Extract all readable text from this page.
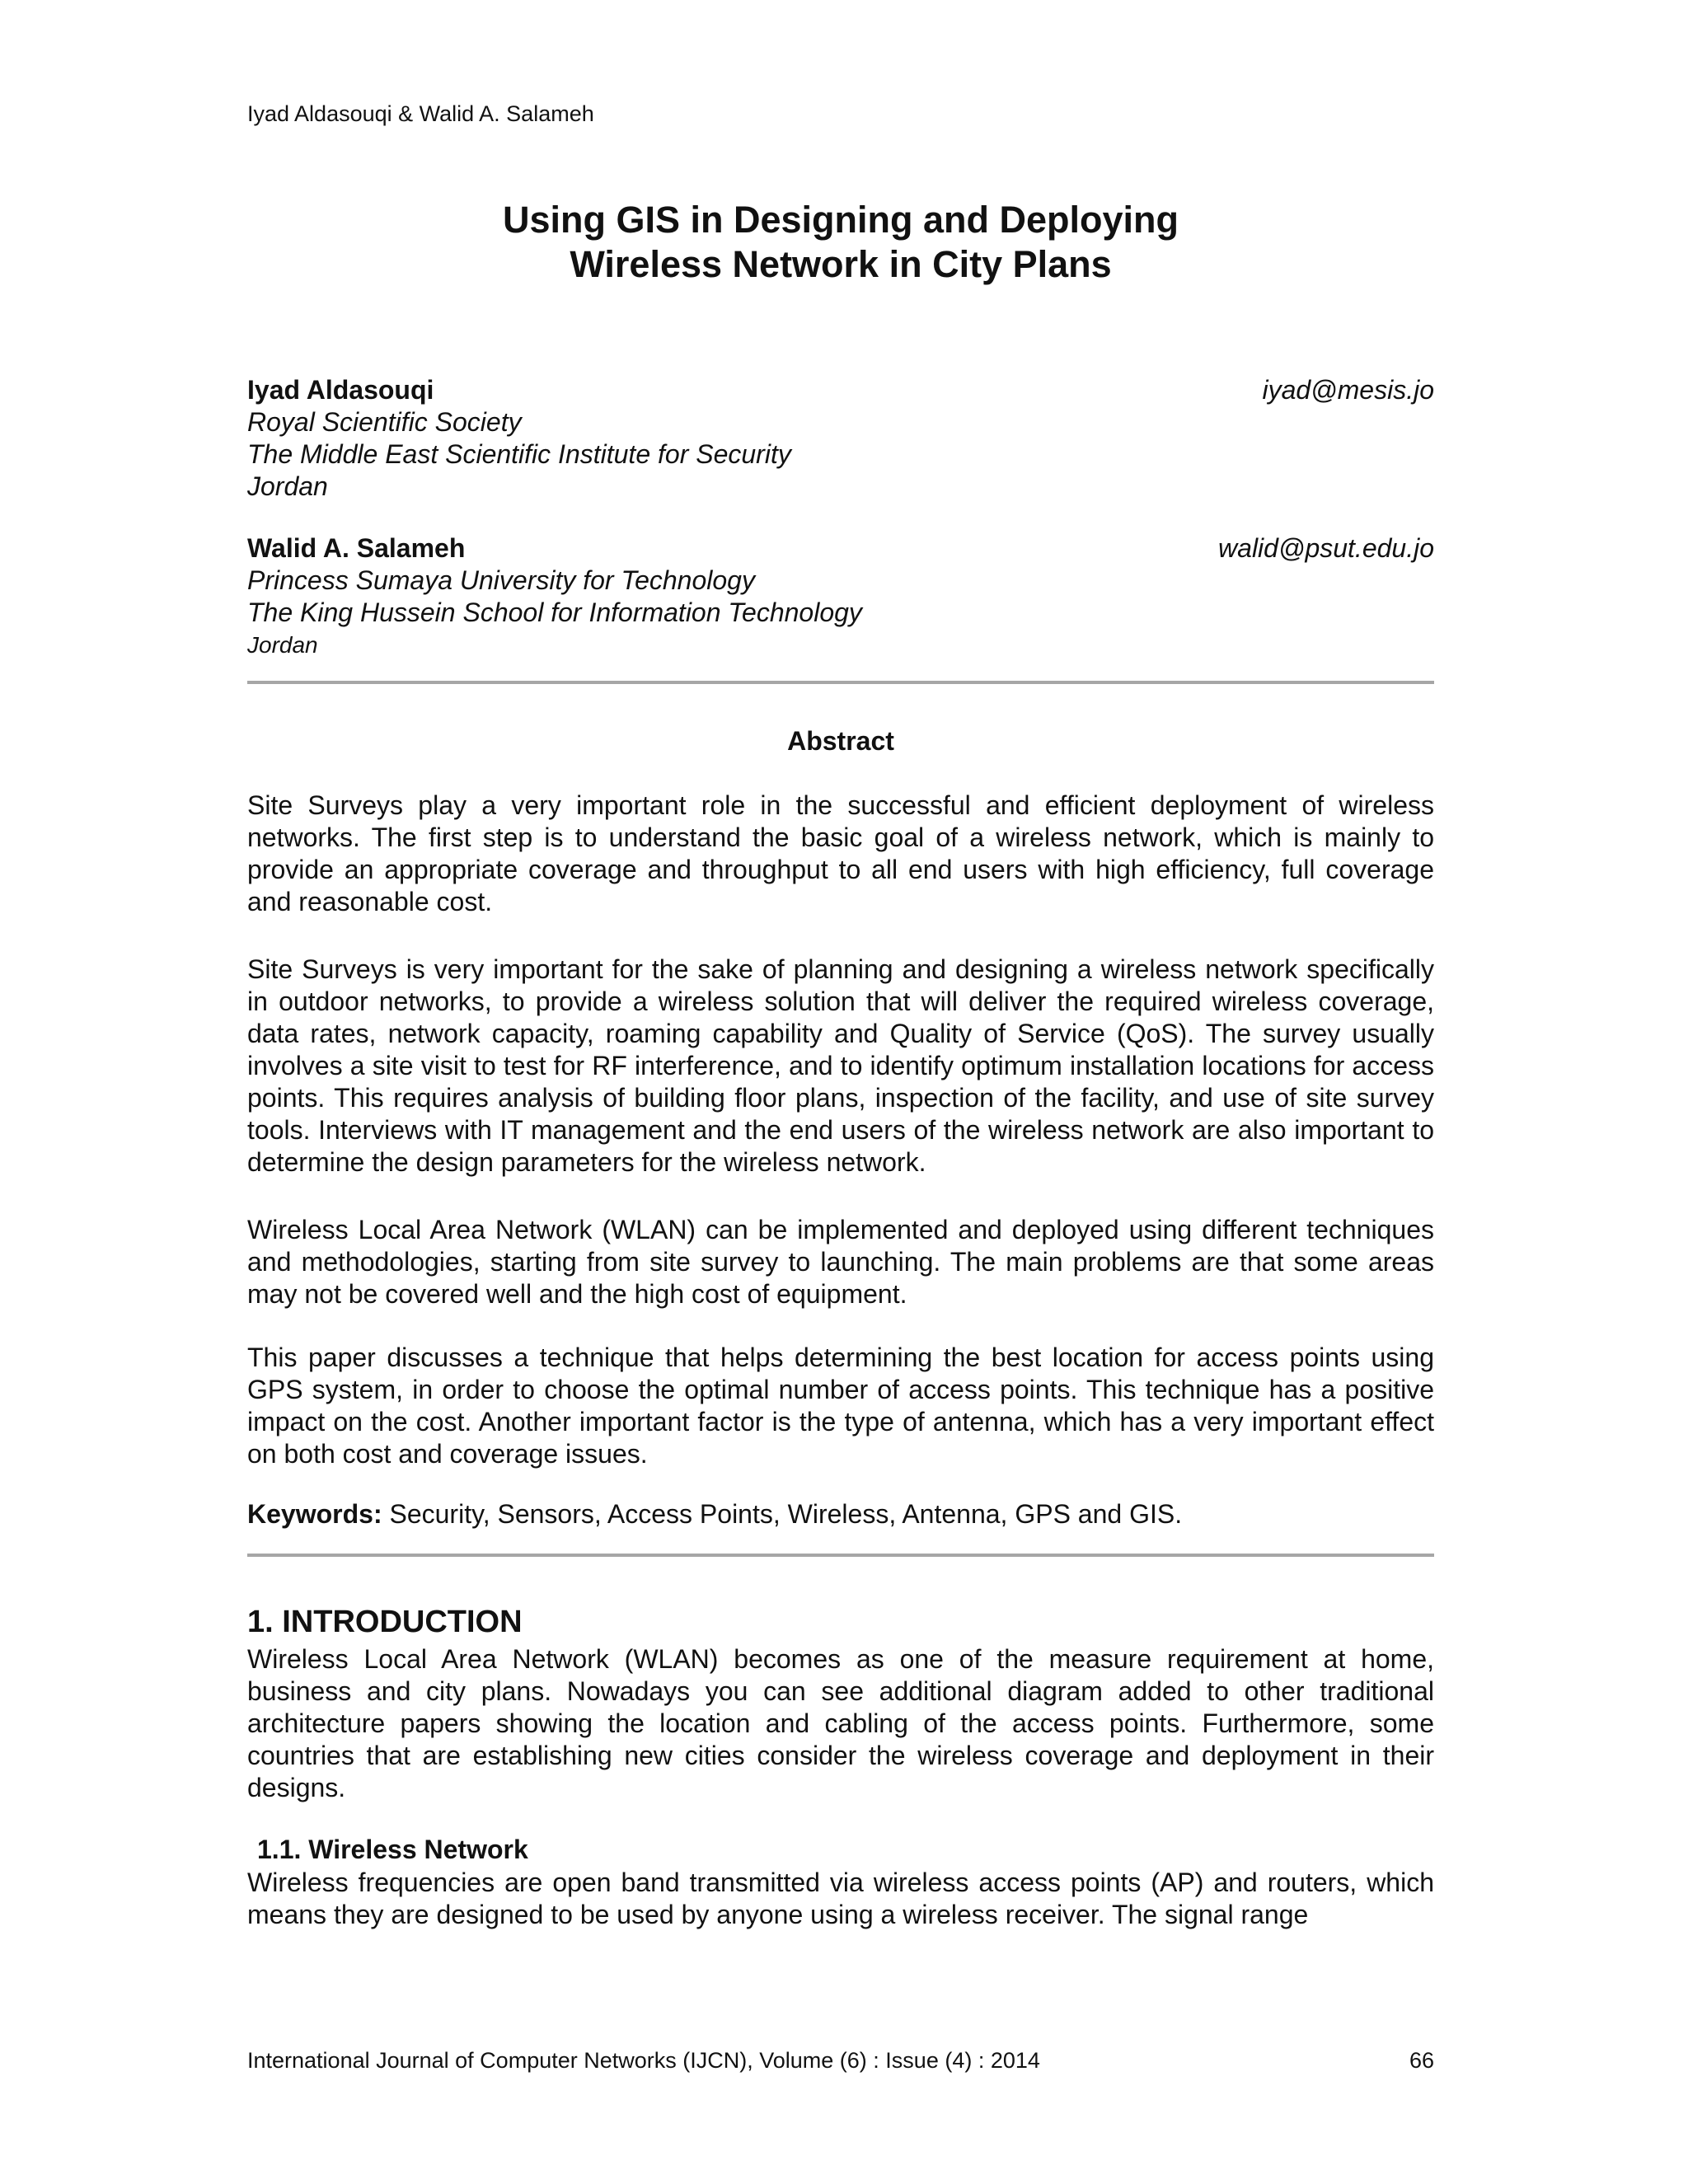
Iyad Aldasouqi & Walid A. Salameh
Using GIS in Designing and Deploying
Wireless Network in City Plans
Iyad Aldasouqi	iyad@mesis.jo
Royal Scientific Society
The Middle East Scientific Institute for Security
Jordan
Walid A. Salameh	walid@psut.edu.jo
Princess Sumaya University for Technology
The King Hussein School for Information Technology
Jordan
Abstract
Site Surveys play a very important role in the successful and efficient deployment of wireless networks. The first step is to understand the basic goal of a wireless network, which is mainly to provide an appropriate coverage and throughput to all end users with high efficiency, full coverage and reasonable cost.
Site Surveys is very important for the sake of planning and designing a wireless network specifically in outdoor networks, to provide a wireless solution that will deliver the required wireless coverage, data rates, network capacity, roaming capability and Quality of Service (QoS). The survey usually involves a site visit to test for RF interference, and to identify optimum installation locations for access points. This requires analysis of building floor plans, inspection of the facility, and use of site survey tools. Interviews with IT management and the end users of the wireless network are also important to determine the design parameters for the wireless network.
Wireless Local Area Network (WLAN) can be implemented and deployed using different techniques and methodologies, starting from site survey to launching. The main problems are that some areas may not be covered well and the high cost of equipment.
This paper discusses a technique that helps determining the best location for access points using GPS system, in order to choose the optimal number of access points. This technique has a positive impact on the cost. Another important factor is the type of antenna, which has a very important effect on both cost and coverage issues.
Keywords: Security, Sensors, Access Points, Wireless, Antenna, GPS and GIS.
1. INTRODUCTION
Wireless Local Area Network (WLAN) becomes as one of the measure requirement at home, business and city plans. Nowadays you can see additional diagram added to other traditional architecture papers showing the location and cabling of the access points. Furthermore, some countries that are establishing new cities consider the wireless coverage and deployment in their designs.
1.1. Wireless Network
Wireless frequencies are open band transmitted via wireless access points (AP) and routers, which means they are designed to be used by anyone using a wireless receiver. The signal range
International Journal of Computer Networks (IJCN), Volume (6) : Issue (4) : 2014	66
